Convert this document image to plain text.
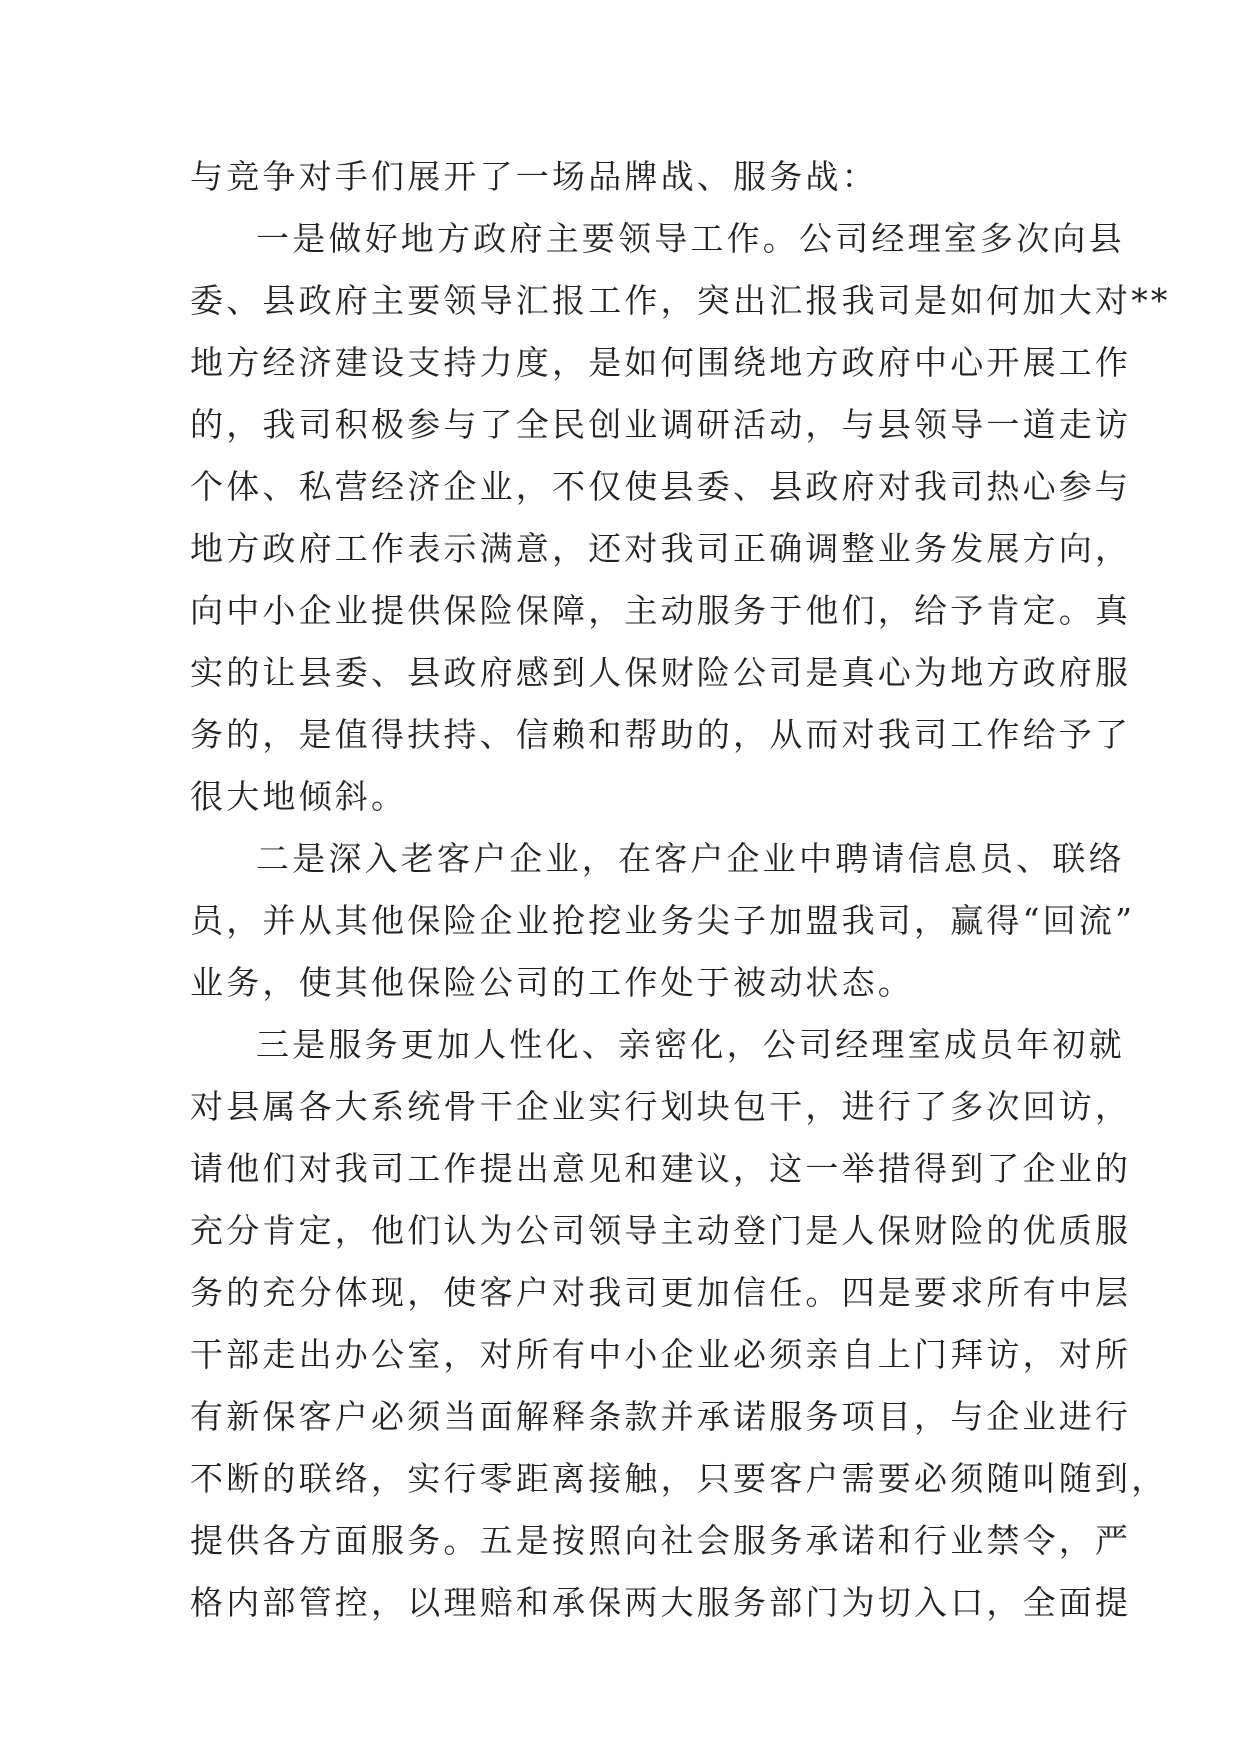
与竞争对手们展开了一场品牌战、服务战：
一是做好地方政府主要领导工作。公司经理室多次向县
委、县政府主要领导汇报工作，突出汇报我司是如何加大对**
地方经济建设支持力度，是如何围绕地方政府中心开展工作
的，我司积极参与了全民创业调研活动，与县领导一道走访
个体、私营经济企业，不仅使县委、县政府对我司热心参与
地方政府工作表示满意，还对我司正确调整业务发展方向，
向中小企业提供保险保障，主动服务于他们，给予肯定。真
实的让县委、县政府感到人保财险公司是真心为地方政府服
务的，是值得扶持、信赖和帮助的，从而对我司工作给予了
很大地倾斜。
二是深入老客户企业，在客户企业中聘请信息员、联络
员，并从其他保险企业抢挖业务尖子加盟我司，赢得“回流”
业务，使其他保险公司的工作处于被动状态。
三是服务更加人性化、亲密化，公司经理室成员年初就
对县属各大系统骨干企业实行划块包干，进行了多次回访，
请他们对我司工作提出意见和建议，这一举措得到了企业的
充分肯定，他们认为公司领导主动登门是人保财险的优质服
务的充分体现，使客户对我司更加信任。四是要求所有中层
干部走出办公室，对所有中小企业必须亲自上门拜访，对所
有新保客户必须当面解释条款并承诺服务项目，与企业进行
不断的联络，实行零距离接触，只要客户需要必须随叫随到，
提供各方面服务。五是按照向社会服务承诺和行业禁令，严
格内部管控，以理赔和承保两大服务部门为切入口，全面提
